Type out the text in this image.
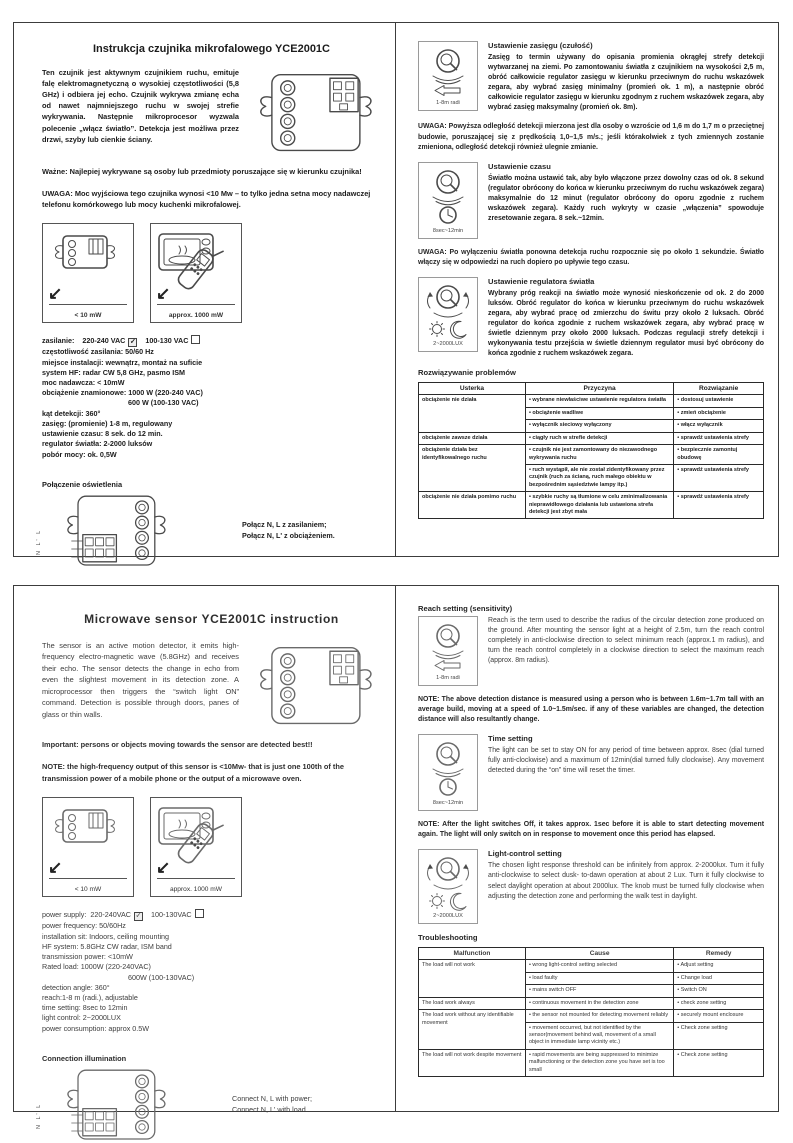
Instrukcja czujnika mikrofalowego YCE2001C

Ten czujnik jest aktywnym czujnikiem ruchu, emituje falę elektromagnetyczną o wysokiej częstotliwości (5,8 GHz) i odbiera jej echo. Czujnik wykrywa zmianę echa od nawet najmniejszego ruchu w swojej strefie wykrywania. Następnie mikroprocesor wyzwala polecenie „włącz światło”. Detekcja jest możliwa przez drzwi, szyby lub cienkie ściany.

Ważne: Najlepiej wykrywane są osoby lub przedmioty poruszające się w kierunku czujnika!

UWAGA: Moc wyjściowa tego czujnika wynosi <10 Mw – to tylko jedna setna mocy nadawczej telefonu komórkowego lub mocy kuchenki mikrofalowej.

↙
< 10 mW
↙
approx. 1000 mW
zasilanie: 220-240 VAC ✓ 100-130 VAC
częstotliwość zasilania: 50/60 Hz
miejsce instalacji: wewnątrz, montaż na suficie
system HF: radar CW 5,8 GHz, pasmo ISM
moc nadawcza: < 10mW
obciążenie znamionowe: 1000 W (220-240 VAC)
600 W (100-130 VAC)
kąt detekcji: 360°
zasięg: (promienie) 1-8 m, regulowany
ustawienie czasu: 8 sek. do 12 min.
regulator światła: 2-2000 luksów
pobór mocy: ok. 0,5W
Połączenie oświetlenia
N L' L
Połącz N, L z zasilaniem;
Połącz N, L' z obciążeniem.
1-8m radi
Ustawienie zasięgu (czułość)

Zasięg to termin używany do opisania promienia okrągłej strefy detekcji wytwarzanej na ziemi. Po zamontowaniu światła z czujnikiem na wysokości 2,5 m, obróć całkowicie regulator zasięgu w kierunku przeciwnym do ruchu wskazówek zegara, aby wybrać zasięg minimalny (promień ok. 1 m), a następnie obróć całkowicie regulator zasięgu w kierunku zgodnym z ruchem wskazówek zegara, aby wybrać zasięg maksymalny (promień ok. 8m).

UWAGA: Powyższa odległość detekcji mierzona jest dla osoby o wzroście od 1,6 m do 1,7 m o przeciętnej budowie, poruszającej się z prędkością 1,0–1,5 m/s.; jeśli którakolwiek z tych zmiennych zostanie zmieniona, odległość detekcji również ulegnie zmianie.

8sec~12min
Ustawienie czasu

Światło można ustawić tak, aby było włączone przez dowolny czas od ok. 8 sekund (regulator obrócony do końca w kierunku przeciwnym do ruchu wskazówek zegara) maksymalnie do 12 minut (regulator obrócony do oporu zgodnie z ruchem wskazówek zegara). Każdy ruch wykryty w czasie „włączenia” spowoduje zresetowanie zegara. 8 sek.~12min.

UWAGA: Po wyłączeniu światła ponowna detekcja ruchu rozpocznie się po około 1 sekundzie. Światło włączy się w odpowiedzi na ruch dopiero po upływie tego czasu.

2~2000LUX
Ustawienie regulatora światła

Wybrany próg reakcji na światło może wynosić nieskończenie od ok. 2 do 2000 luksów. Obróć regulator do końca w kierunku przeciwnym do ruchu wskazówek zegara, aby wybrać pracę od zmierzchu do świtu przy około 2 luksach. Obróć regulator do końca zgodnie z ruchem wskazówek zegara, aby wybrać pracę w świetle dziennym przy około 2000 luksach. Podczas regulacji strefy detekcji i wykonywania testu przejścia w świetle dziennym regulator musi być obrócony do końca zgodnie z ruchem wskazówek zegara.

Rozwiązywanie problemów
Usterka	Przyczyna	Rozwiązanie
obciążenie nie działa	• wybrane niewłaściwe ustawienie regulatora światła	• dostosuj ustawienie
	• obciążenie wadliwe	• zmień obciążenie
	• wyłącznik sieciowy wyłączony	• włącz wyłącznik
obciążenie zawsze działa	• ciągły ruch w strefie detekcji	• sprawdź ustawienia strefy
obciążenie działa bez identyfikowalnego ruchu	• czujnik nie jest zamontowany do niezawodnego wykrywania ruchu	• bezpiecznie zamontuj obudowę
	• ruch wystąpił, ale nie został zidentyfikowany przez czujnik (ruch za ścianą, ruch małego obiektu w bezpośrednim sąsiedztwie lampy itp.)	• sprawdź ustawienia strefy
obciążenie nie działa pomimo ruchu	• szybkie ruchy są tłumione w celu zminimalizowania nieprawidłowego działania lub ustawiona strefa detekcji jest zbyt mała	• sprawdź ustawienia strefy
Microwave sensor YCE2001C instruction

The sensor is an active motion detector, it emits high-frequency electro-magnetic wave (5.8GHz) and receives their echo. The sensor detects the change in echo from even the slightest movement in its detection zone. A microprocessor then triggers the “switch light ON” command. Detection is possible through doors, panes of glass or thin walls.

Important: persons or objects moving towards the sensor are detected best!!

NOTE: the high-frequency output of this sensor is <10Mw- that is just one 100th of the transmission power of a mobile phone or the output of a microwave oven.

↙
< 10 mW
↙
approx. 1000 mW
power supply: 220-240VAC ✓ 100-130VAC
power frequency: 50/60Hz
installation sit: Indoors, ceiling mounting
HF system: 5.8GHz CW radar, ISM band
transmission power: <10mW
Rated load: 1000W (220-240VAC)
600W (100-130VAC)
detection angle: 360°
reach:1-8 m (radi.), adjustable
time setting: 8sec to 12min
light control: 2~2000LUX
power consumption: approx 0.5W
Connection illumination
N L' L
Connect N, L with power;
Connect N, L' with load.
Reach setting (sensitivity)
1-8m radi

Reach is the term used to describe the radius of the circular detection zone produced on the ground. After mounting the sensor light at a height of 2.5m, turn the reach control completely in anti-clockwise direction to select minimum reach (approx.1 m radius), and turn the reach control completely in a clockwise direction to select the maximum reach (approx. 8m radius).

NOTE: The above detection distance is measured using a person who is between 1.6m~1.7m tall with an average build, moving at a speed of 1.0~1.5m/sec. if any of these variables are changed, the detection distance will also resultantly change.

8sec~12min
Time setting

The light can be set to stay ON for any period of time between approx. 8sec (dial turned fully anti-clockwise) and a maximum of 12min(dial turned fully clockwise). Any movement detected during the “on” time will reset the timer.

NOTE: After the light switches Off, it takes approx. 1sec before it is able to start detecting movement again. The light will only switch on in response to movement once this period has elapsed.

2~2000LUX
Light-control setting

The chosen light response threshold can be infinitely from approx. 2-2000lux. Turn it fully anti-clockwise to select dusk- to-dawn operation at about 2 Lux. Turn it fully clockwise to select daylight operation at about 2000lux. The knob must be turned fully clockwise when adjusting the detection zone and performing the walk test in daylight.

Troubleshooting
Malfunction	Cause	Remedy
The load will not work	• wrong light-control setting selected	• Adjust setting
	• load faulty	• Change load
	• mains switch OFF	• Switch ON
The load work always	• continuous movement in the detection zone	• check zone setting
The load work without any identifiable movement	• the sensor not mounted for detecting movement reliably	• securely mount enclosure
	• movement occurred, but not identified by the sensor(movement behind wall, movement of a small object in immediate lamp vicinity etc.)	• Check zone setting
The load will not work despite movement	• rapid movements are being suppressed to minimize malfunctioning or the detection zone you have set is too small	• Check zone setting
